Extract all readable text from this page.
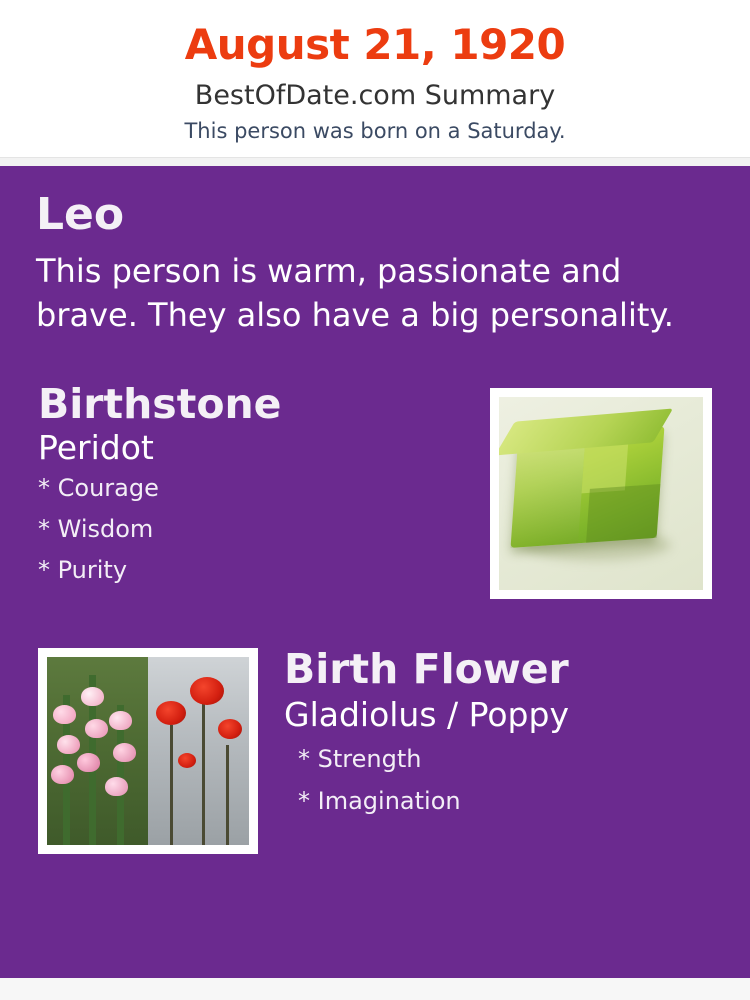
August 21, 1920
BestOfDate.com Summary
This person was born on a Saturday.
Leo
This person is warm, passionate and brave. They also have a big personality.
Birthstone
Peridot
* Courage
* Wisdom
* Purity
Birth Flower
Gladiolus / Poppy
* Strength
* Imagination
